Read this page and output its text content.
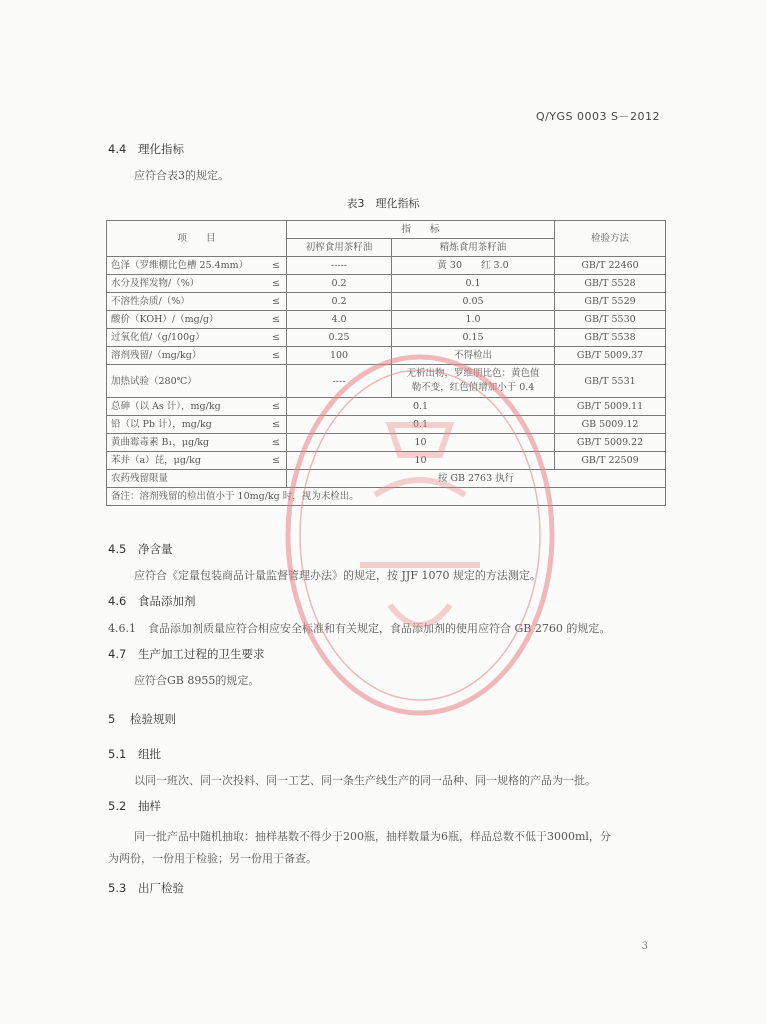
Q/YGS 0003 S－2012
4.4 理化指标
应符合表3的规定。
表3　理化指标
项　　目		指　　标		检验方法
		初榨食用茶籽油	精炼食用茶籽油	
色泽（罗维棚比色槽 25.4mm）	≤	-----	黄 30　　红 3.0	GB/T 22460
水分及挥发物/（%）	≤	0.2	0.1	GB/T 5528
不溶性杂质/（%）	≤	0.2	0.05	GB/T 5529
酸价（KOH）/（mg/g）	≤	4.0	1.0	GB/T 5530
过氧化值/（g/100g）	≤	0.25	0.15	GB/T 5538
溶剂残留/（mg/kg）	≤	100	不得检出	GB/T 5009.37
加热试验（280℃）		----	无析出物，罗维朋比色：黄色值
勒不变，红色值增加小于 0.4	GB/T 5531
总砷（以 As 计），mg/kg	≤	0.1		GB/T 5009.11
铅（以 Pb 计），mg/kg	≤	0.1		GB 5009.12
黄曲霉毒素 B₁，μg/kg	≤	10		GB/T 5009.22
苯并（a）芘，μg/kg	≤	10		GB/T 22509
农药残留限量		按 GB 2763 执行		
备注：溶剂残留的检出值小于 10mg/kg 时，视为未检出。				
4.5 净含量
应符合《定量包装商品计量监督管理办法》的规定，按 JJF 1070 规定的方法测定。
4.6 食品添加剂
4.6.1 食品添加剂质量应符合相应安全标准和有关规定，食品添加剂的使用应符合 GB 2760 的规定。
4.7 生产加工过程的卫生要求
应符合GB 8955的规定。
5 检验规则
5.1 组批
以同一班次、同一次投料、同一工艺、同一条生产线生产的同一品种、同一规格的产品为一批。
5.2 抽样
同一批产品中随机抽取：抽样基数不得少于200瓶，抽样数量为6瓶，样品总数不低于3000ml，分
为两份，一份用于检验；另一份用于备查。
5.3 出厂检验
3
